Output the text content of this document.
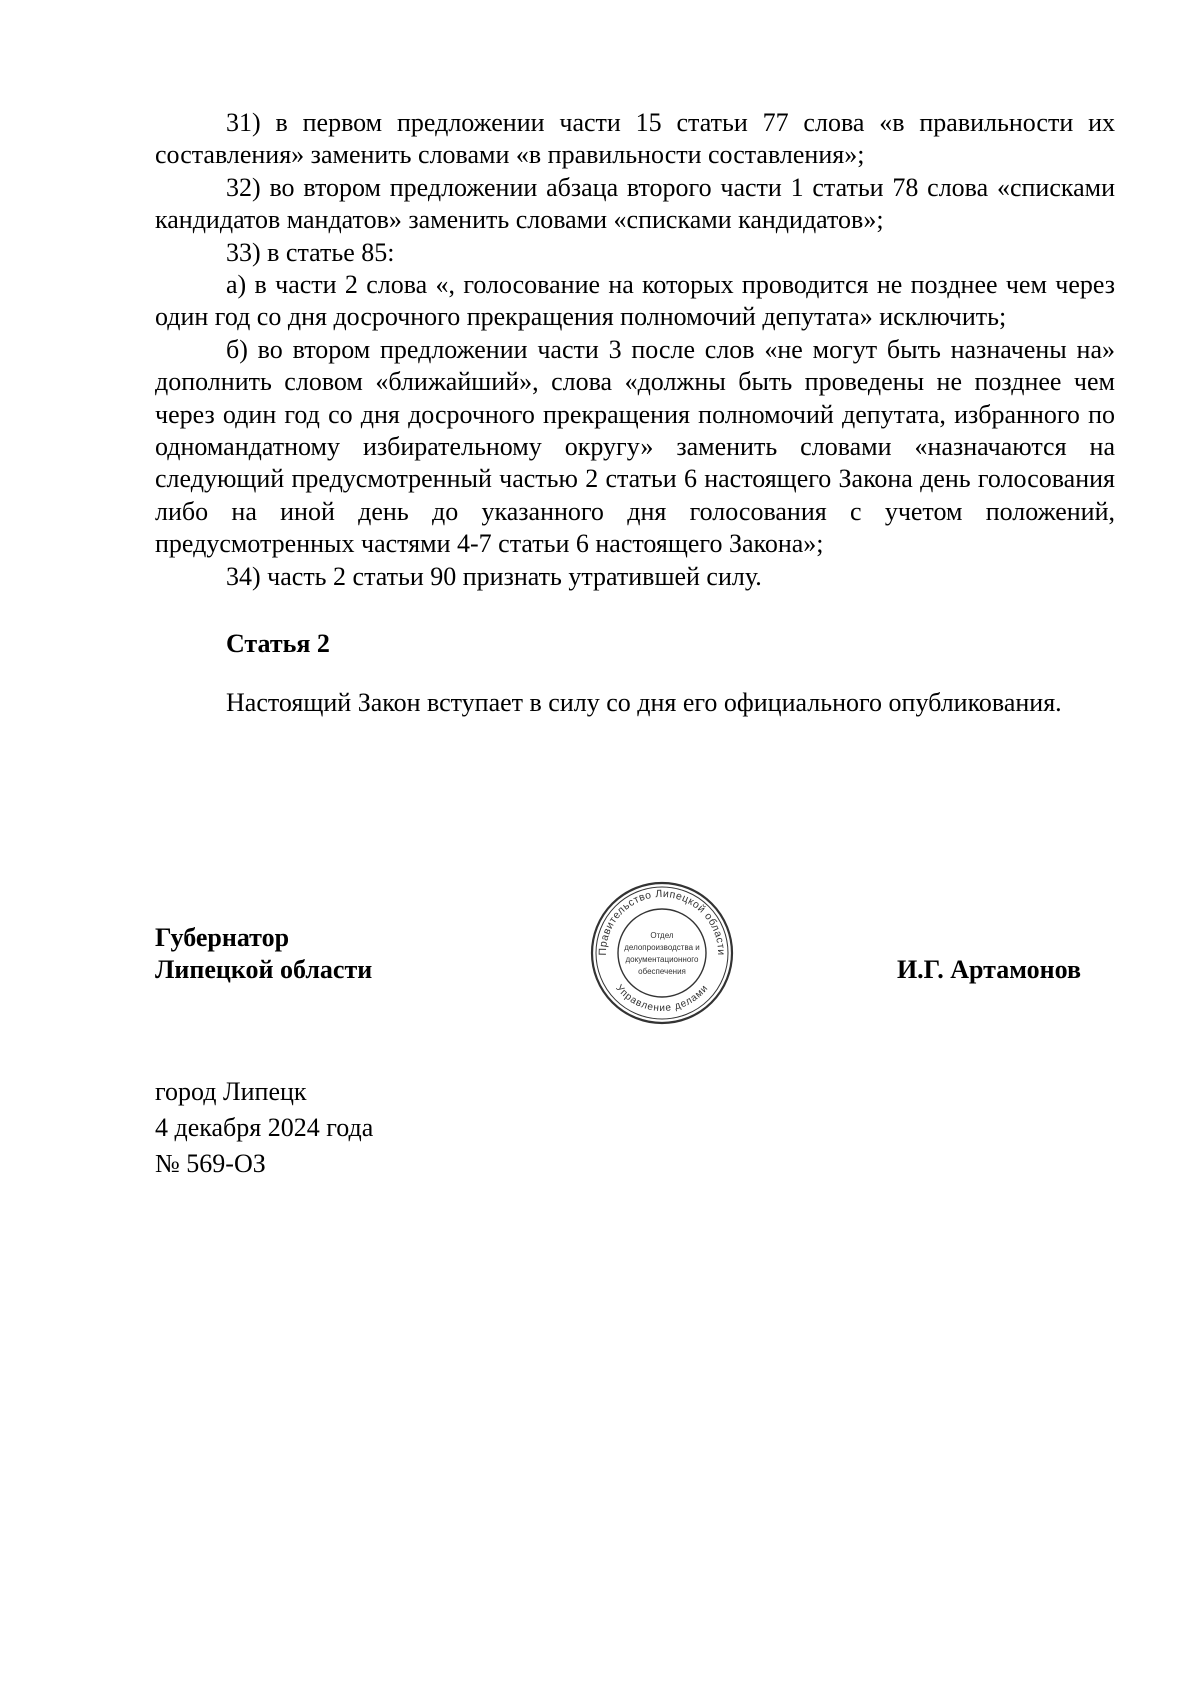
31) в первом предложении части 15 статьи 77 слова «в правильности их составления» заменить словами «в правильности составления»;

32) во втором предложении абзаца второго части 1 статьи 78 слова «списками кандидатов мандатов» заменить словами «списками кандидатов»;

33) в статье 85:

а) в части 2 слова «, голосование на которых проводится не позднее чем через один год со дня досрочного прекращения полномочий депутата» исключить;

б) во втором предложении части 3 после слов «не могут быть назначены на» дополнить словом «ближайший», слова «должны быть проведены не позднее чем через один год со дня досрочного прекращения полномочий депутата, избранного по одномандатному избирательному округу» заменить словами «назначаются на следующий предусмотренный частью 2 статьи 6 настоящего Закона день голосования либо на иной день до указанного дня голосования с учетом положений, предусмотренных частями 4-7 статьи 6 настоящего Закона»;

34) часть 2 статьи 90 признать утратившей силу.

Статья 2

Настоящий Закон вступает в силу со дня его официального опубликования.

Губернатор
Липецкой области
Правительство Липецкой области
Управление делами
Отдел
делопроизводства и
документационного
обеспечения	И.Г. Артамонов
город Липецк
4 декабря 2024 года
№ 569-ОЗ
